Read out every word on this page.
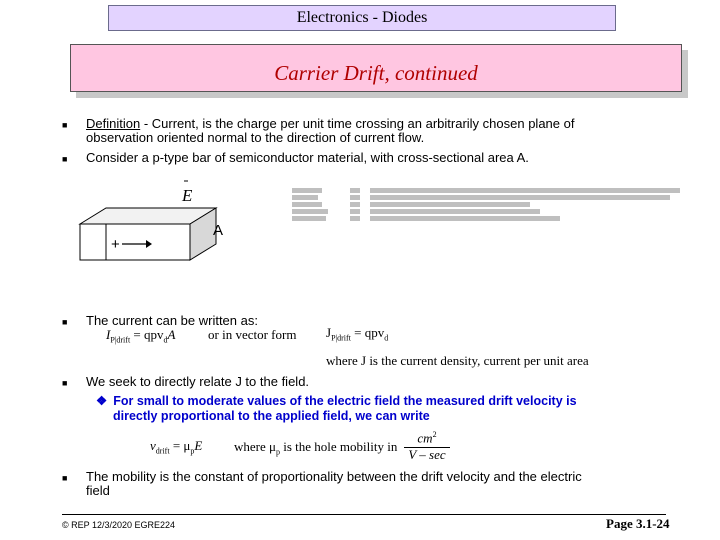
Electronics - Diodes
Carrier Drift, continued
■ Definition - Current, is the charge per unit time crossing an arbitrarily chosen plane of
observation oriented normal to the direction of current flow.
■ Consider a p-type bar of semiconductor material, with cross-sectional area A.
E
+
A
■ The current can be written as:
$I_{P|drift} = qpv_dA$	or in vector form $J_{P|drift} = qpv_d$
where J is the current density, current per unit area
■ We seek to directly relate J to the field.
❖ For small to moderate values of the electric field the measured drift velocity is
directly proportional to the applied field, we can write
$v_{drift} = \mu_pE$ where $\mu_p$ is the hole mobility in
$cm^2$
V – sec
■ The mobility is the constant of proportionality between the drift velocity and the electric
field
© REP 12/3/2020 EGRE224	Page 3.1-24
